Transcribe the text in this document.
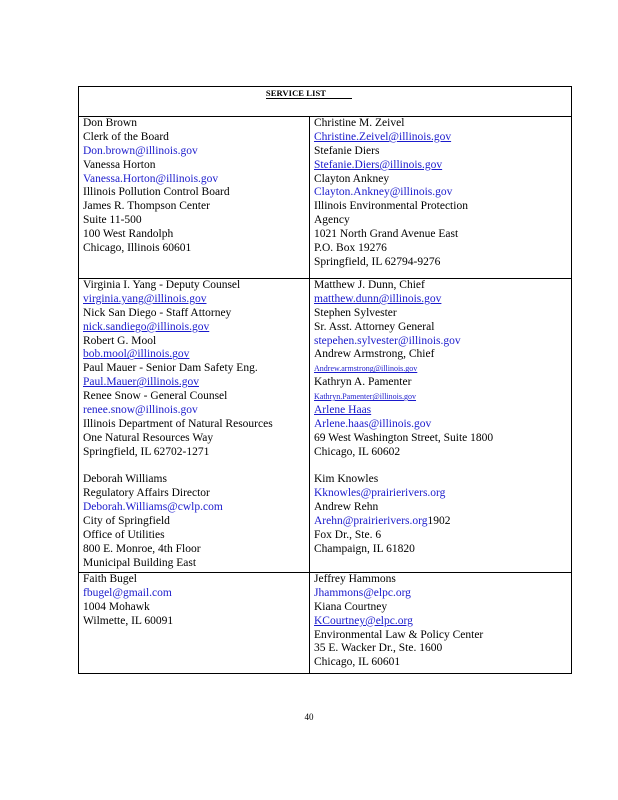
SERVICE LIST
Don Brown
Clerk of the Board
Don.brown@illinois.gov
Vanessa Horton
Vanessa.Horton@illinois.gov
Illinois Pollution Control Board
James R. Thompson Center
Suite 11-500
100 West Randolph
Chicago, Illinois 60601
Christine M. Zeivel
Christine.Zeivel@illinois.gov
Stefanie Diers
Stefanie.Diers@illinois.gov
Clayton Ankney
Clayton.Ankney@illinois.gov
Illinois Environmental Protection
Agency
1021 North Grand Avenue East
P.O. Box 19276
Springfield, IL 62794-9276
Virginia I. Yang - Deputy Counsel
virginia.yang@illinois.gov
Nick San Diego - Staff Attorney
nick.sandiego@illinois.gov
Robert G. Mool
bob.mool@illinois.gov
Paul Mauer - Senior Dam Safety Eng.
Paul.Mauer@illinois.gov
Renee Snow - General Counsel
renee.snow@illinois.gov
Illinois Department of Natural Resources
One Natural Resources Way
Springfield, IL 62702-1271
Deborah Williams
Regulatory Affairs Director
Deborah.Williams@cwlp.com
City of Springfield
Office of Utilities
800 E. Monroe, 4th Floor
Municipal Building East
Matthew J. Dunn, Chief
matthew.dunn@illinois.gov
Stephen Sylvester
Sr. Asst. Attorney General
stepehen.sylvester@illinois.gov
Andrew Armstrong, Chief
Andrew.armstrong@illinois.gov
Kathryn A. Pamenter
Kathryn.Pamenter@illinois.gov
Arlene Haas
Arlene.haas@illinois.gov
69 West Washington Street, Suite 1800
Chicago, IL 60602
Kim Knowles
Kknowles@prairierivers.org
Andrew Rehn
Arehn@prairierivers.org1902
Fox Dr., Ste. 6
Champaign, IL 61820
Faith Bugel
fbugel@gmail.com
1004 Mohawk
Wilmette, IL 60091
Jeffrey Hammons
Jhammons@elpc.org
Kiana Courtney
KCourtney@elpc.org
Environmental Law & Policy Center
35 E. Wacker Dr., Ste. 1600
Chicago, IL 60601
40
